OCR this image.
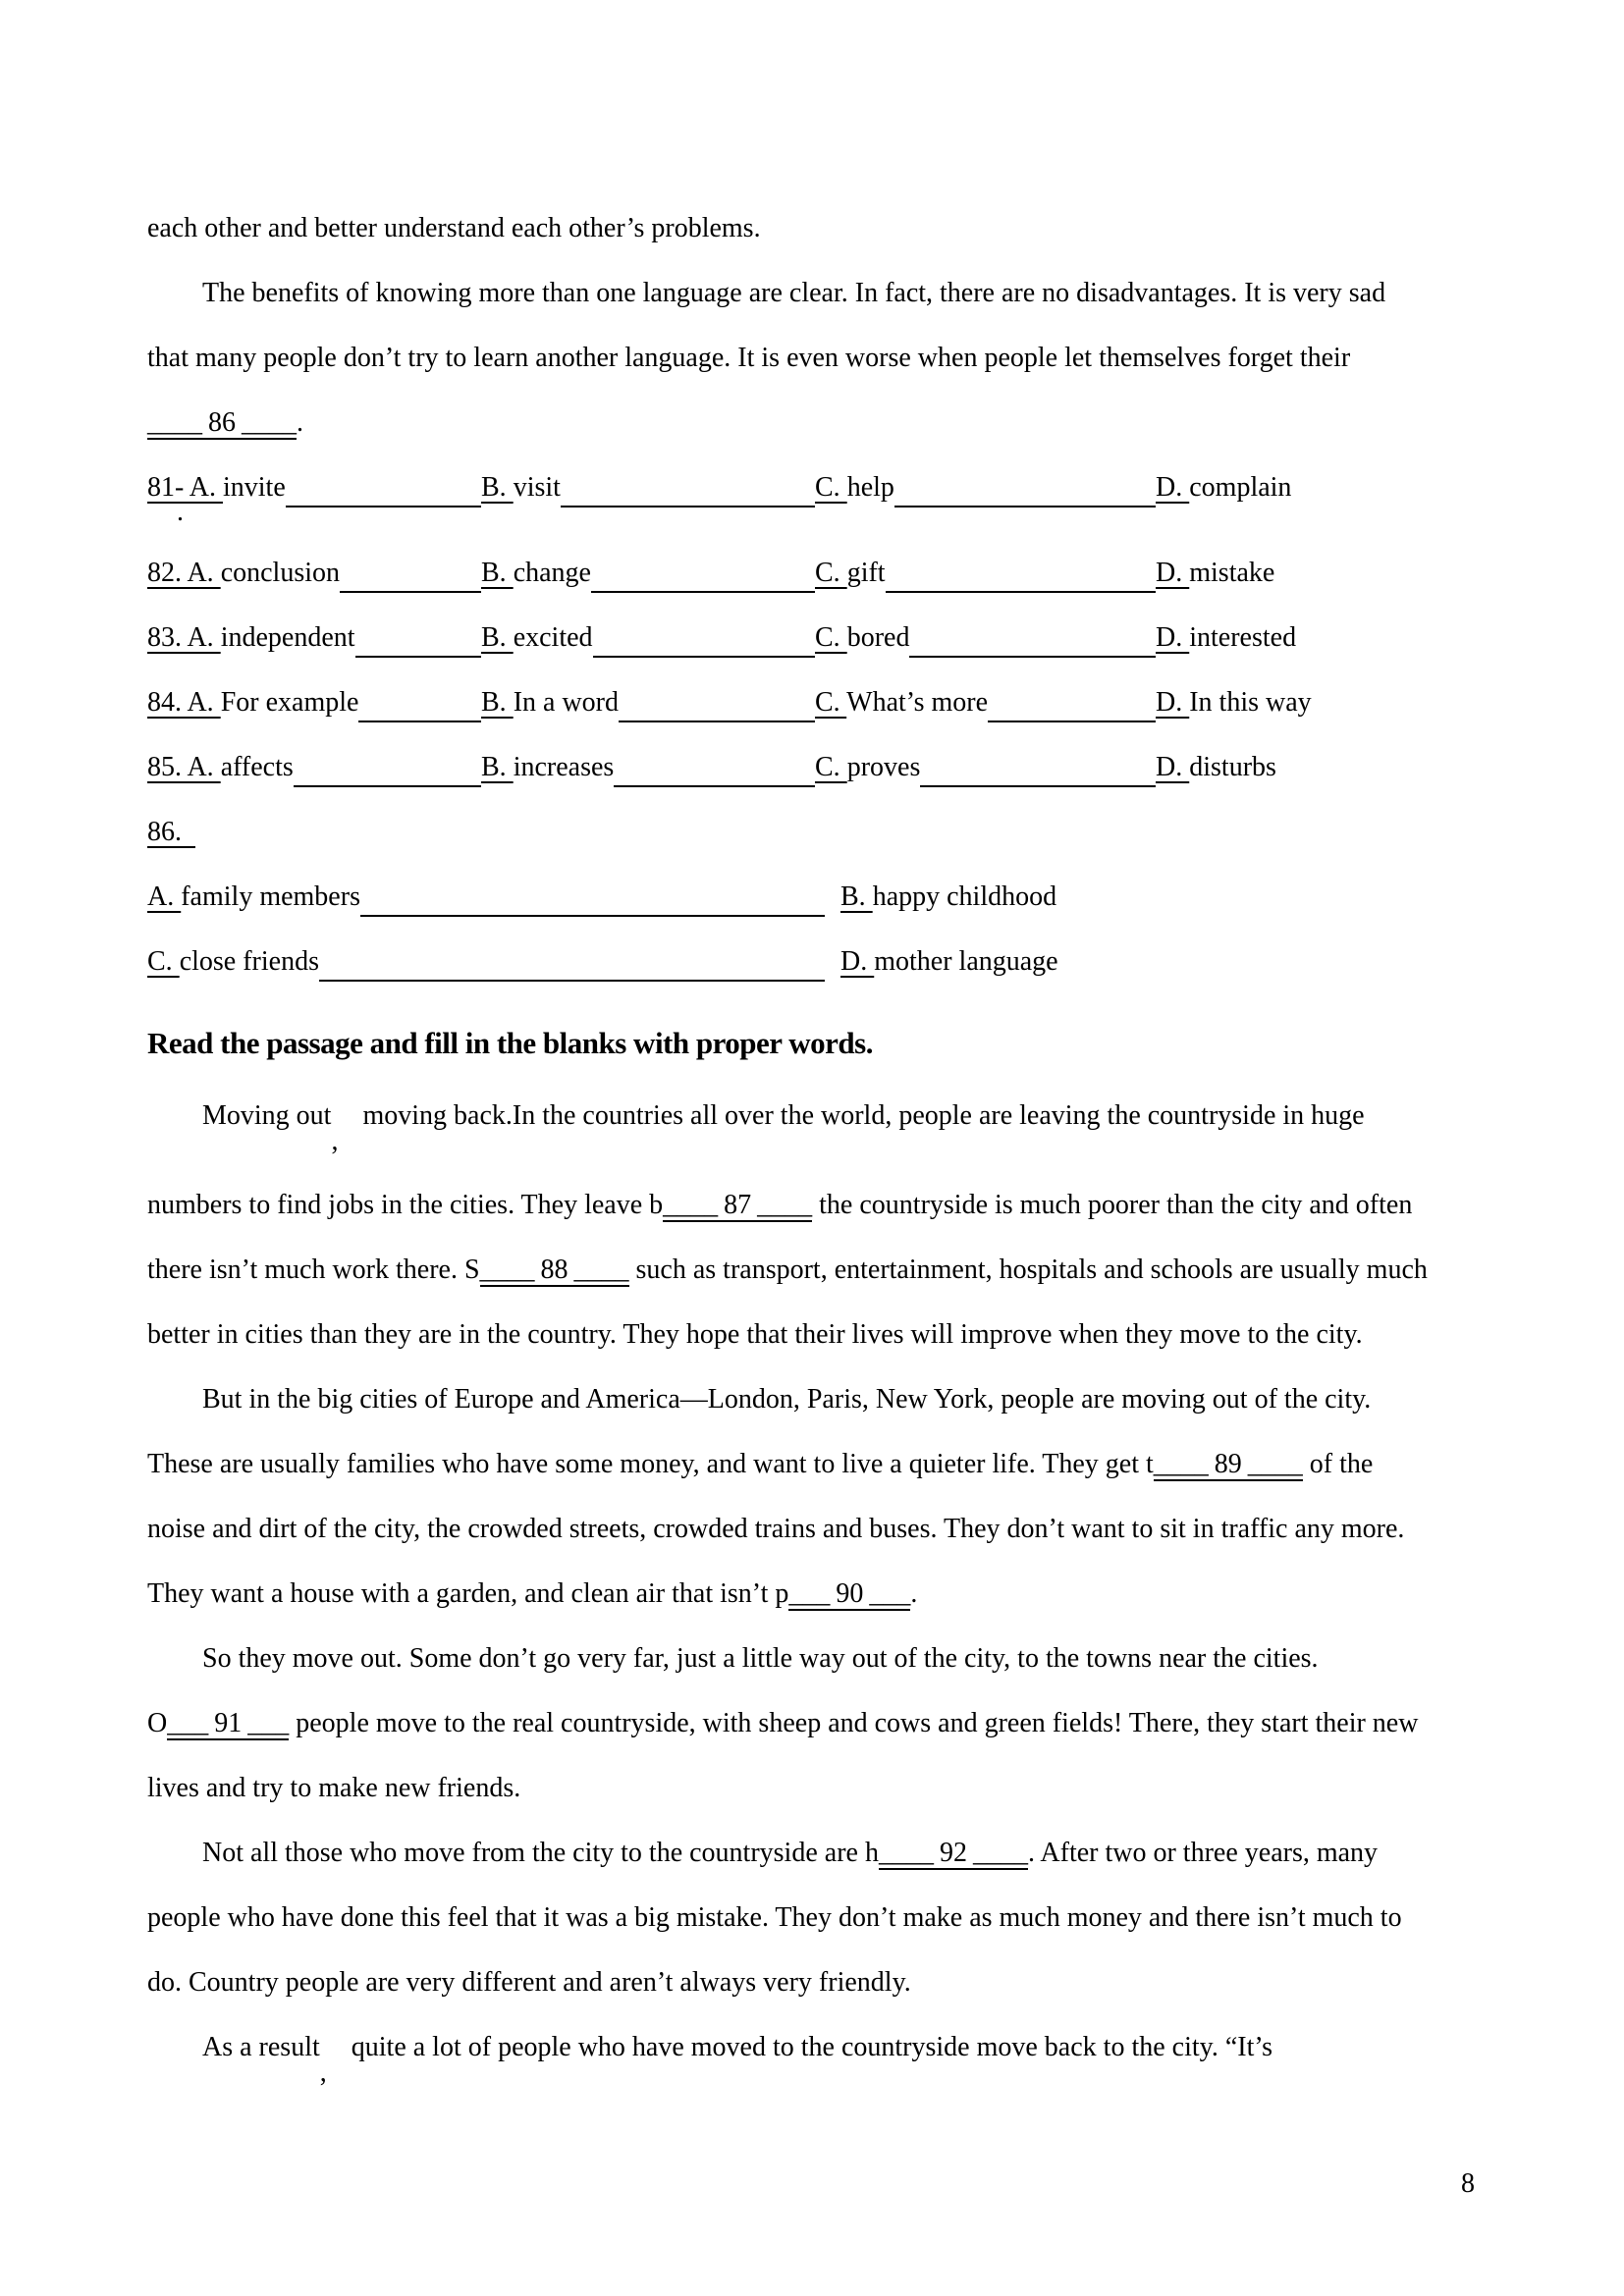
each other and better understand each other’s problems.
The benefits of knowing more than one language are clear. In fact, there are no disadvantages. It is very sad
that many people don’t try to learn another language. It is even worse when people let themselves forget their
____ 86 ____.
81- A. invite	B. visit	C. help	D. complain
.
82. A. conclusion	B. change	C. gift	D. mistake
83. A. independent	B. excited	C. bored	D. interested
84. A. For example	B. In a word	C. What’s more	D. In this way
85. A. affects	B. increases	C. proves	D. disturbs
86.
A. family members	B. happy childhood
C. close friends	D. mother language
Read the passage and fill in the blanks with proper words.
Moving out,moving back.In the countries all over the world, people are leaving the countryside in huge
numbers to find jobs in the cities. They leave b____ 87 ____ the countryside is much poorer than the city and often
there isn’t much work there. S____ 88 ____ such as transport, entertainment, hospitals and schools are usually much
better in cities than they are in the country. They hope that their lives will improve when they move to the city.
But in the big cities of Europe and America—London, Paris, New York, people are moving out of the city.
These are usually families who have some money, and want to live a quieter life. They get t____ 89 ____ of the
noise and dirt of the city, the crowded streets, crowded trains and buses. They don’t want to sit in traffic any more.
They want a house with a garden, and clean air that isn’t p___ 90 ___.
So they move out. Some don’t go very far, just a little way out of the city, to the towns near the cities.
O___ 91 ___ people move to the real countryside, with sheep and cows and green fields! There, they start their new
lives and try to make new friends.
Not all those who move from the city to the countryside are h____ 92 ____. After two or three years, many
people who have done this feel that it was a big mistake. They don’t make as much money and there isn’t much to
do. Country people are very different and aren’t always very friendly.
As a result,quite a lot of people who have moved to the countryside move back to the city. “It’s
8
